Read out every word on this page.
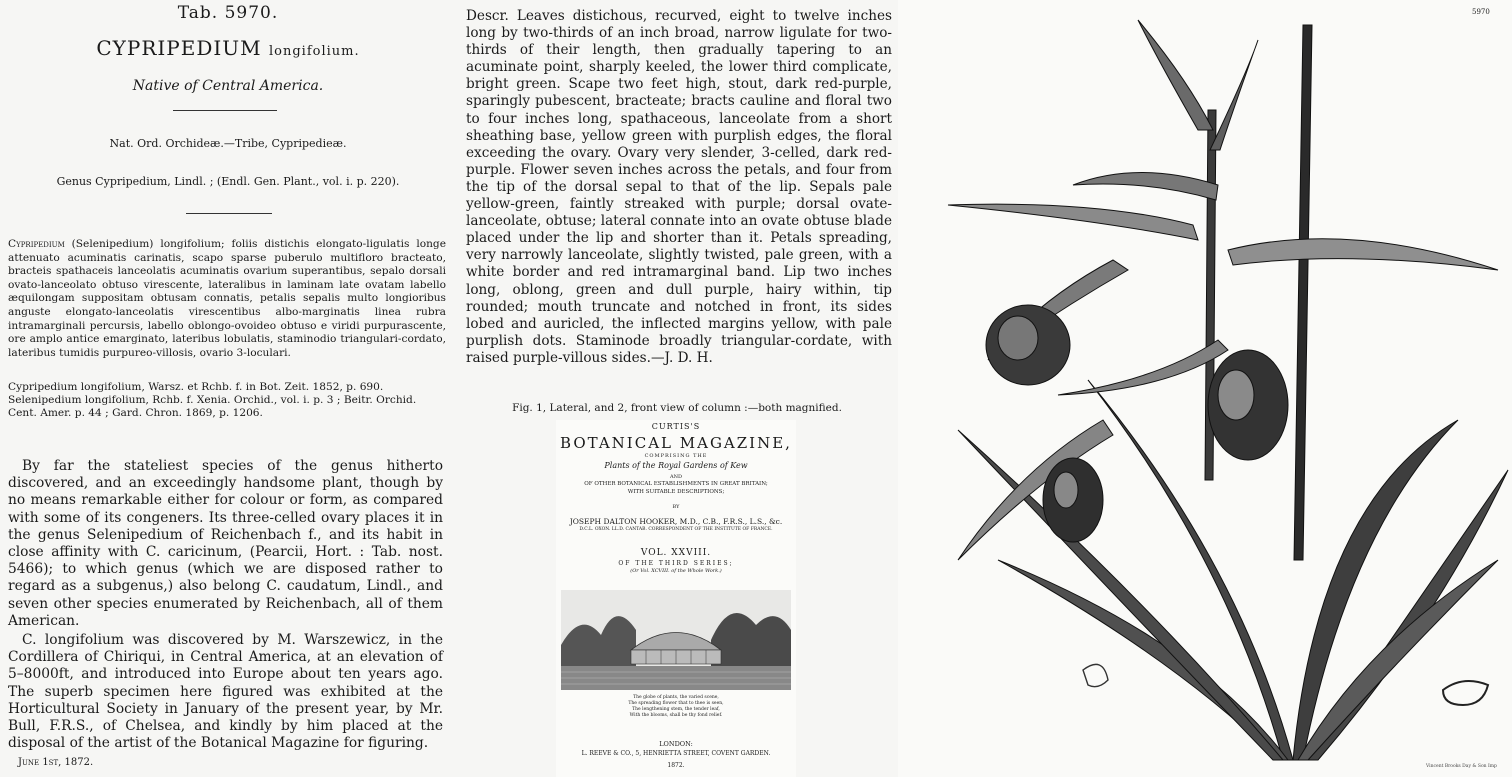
Tab. 5970.
CYPRIPEDIUM longifolium.
Native of Central America.
Nat. Ord. Orchideæ.—Tribe, Cypripedieæ.
Genus Cypripedium, Lindl. ; (Endl. Gen. Plant., vol. i. p. 220).
Cypripedium (Selenipedium) longifolium; foliis distichis elongato-ligulatis longe attenuato acuminatis carinatis, scapo sparse puberulo multifloro bracteato, bracteis spathaceis lanceolatis acuminatis ovarium superantibus, sepalo dorsali ovato-lanceolato obtuso virescente, lateralibus in laminam late ovatam labello æquilongam suppositam obtusam connatis, petalis sepalis multo longioribus anguste elongato-lanceolatis virescentibus albo-marginatis linea rubra intramarginali percursis, labello oblongo-ovoideo obtuso e viridi purpurascente, ore amplo antice emarginato, lateribus lobulatis, staminodio triangulari-cordato, lateribus tumidis purpureo-villosis, ovario 3-loculari.
Cypripedium longifolium, Warsz. et Rchb. f. in Bot. Zeit. 1852, p. 690.
Selenipedium longifolium, Rchb. f. Xenia. Orchid., vol. i. p. 3 ; Beitr. Orchid. Cent. Amer. p. 44 ; Gard. Chron. 1869, p. 1206.

By far the stateliest species of the genus hitherto discovered, and an exceedingly handsome plant, though by no means remarkable either for colour or form, as compared with some of its congeners. Its three-celled ovary places it in the genus Selenipedium of Reichenbach f., and its habit in close affinity with C. caricinum, (Pearcii, Hort. : Tab. nost. 5466); to which genus (which we are disposed rather to regard as a subgenus,) also belong C. caudatum, Lindl., and seven other species enumerated by Reichenbach, all of them American.

C. longifolium was discovered by M. Warszewicz, in the Cordillera of Chiriqui, in Central America, at an elevation of 5–8000ft, and introduced into Europe about ten years ago. The superb specimen here figured was exhibited at the Horticultural Society in January of the present year, by Mr. Bull, F.R.S., of Chelsea, and kindly by him placed at the disposal of the artist of the Botanical Magazine for figuring.

June 1st, 1872.

Descr. Leaves distichous, recurved, eight to twelve inches long by two-thirds of an inch broad, narrow ligulate for two-thirds of their length, then gradually tapering to an acuminate point, sharply keeled, the lower third complicate, bright green. Scape two feet high, stout, dark red-purple, sparingly pubescent, bracteate; bracts cauline and floral two to four inches long, spathaceous, lanceolate from a short sheathing base, yellow green with purplish edges, the floral exceeding the ovary. Ovary very slender, 3-celled, dark red-purple. Flower seven inches across the petals, and four from the tip of the dorsal sepal to that of the lip. Sepals pale yellow-green, faintly streaked with purple; dorsal ovate-lanceolate, obtuse; lateral connate into an ovate obtuse blade placed under the lip and shorter than it. Petals spreading, very narrowly lanceolate, slightly twisted, pale green, with a white border and red intramarginal band. Lip two inches long, oblong, green and dull purple, hairy within, tip rounded; mouth truncate and notched in front, its sides lobed and auricled, the inflected margins yellow, with pale purplish dots. Staminode broadly triangular-cordate, with raised purple-villous sides.—J. D. H.

Fig. 1, Lateral, and 2, front view of column :—both magnified.
CURTIS'S
BOTANICAL MAGAZINE,
COMPRISING THE
Plants of the Royal Gardens of Kew
AND
OF OTHER BOTANICAL ESTABLISHMENTS IN GREAT BRITAIN;
WITH SUITABLE DESCRIPTIONS;
BY
JOSEPH DALTON HOOKER, M.D., C.B., F.R.S., L.S., &c.
D.C.L. OXON. LL.D. CANTAB. CORRESPONDENT OF THE INSTITUTE OF FRANCE.
VOL. XXVIII.
OF THE THIRD SERIES;
(Or Vol. XCVIII. of the Whole Work.)
The globe of plants, the varied scene,
The spreading flower that to thee is seen,
The lengthening stem, the tender leaf,
With the blooms, shall be thy fond relief.
LONDON:
L. REEVE & CO., 5, HENRIETTA STREET, COVENT GARDEN.
1872.
5970
Vincent Brooks Day & Son Imp
